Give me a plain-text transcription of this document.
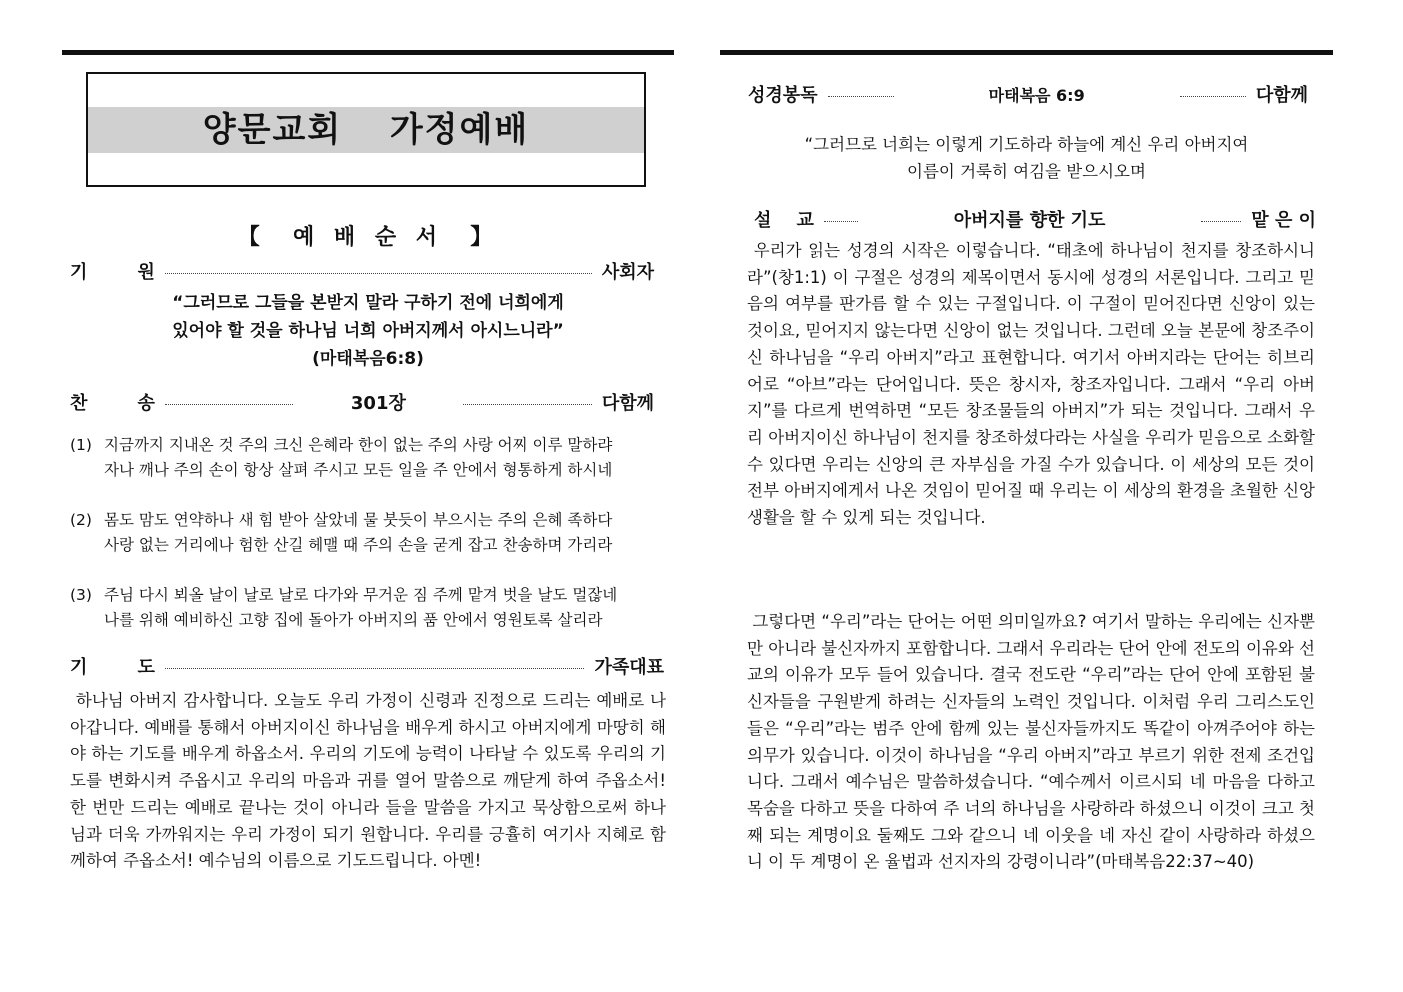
양문교회  가정예배
【  예 배 순 서  】
기        원	사회자

“그러므로 그들을 본받지 말라 구하기 전에 너희에게

있어야 할 것을 하나님 너희 아버지께서 아시느니라”

(마태복음6:8)

찬        송	301장	다함께
(1) 지금까지 지내온 것 주의 크신 은혜라 한이 없는 주의 사랑 어찌 이루 말하랴

자나 깨나 주의 손이 항상 살펴 주시고 모든 일을 주 안에서 형통하게 하시네

(2) 몸도 맘도 연약하나 새 힘 받아 살았네 물 붓듯이 부으시는 주의 은혜 족하다

사랑 없는 거리에나 험한 산길 헤맬 때 주의 손을 굳게 잡고 찬송하며 가리라

(3) 주님 다시 뵈올 날이 날로 날로 다가와 무거운 짐 주께 맡겨 벗을 날도 멀잖네

나를 위해 예비하신 고향 집에 돌아가 아버지의 품 안에서 영원토록 살리라

기        도	가족대표

하나님 아버지 감사합니다. 오늘도 우리 가정이 신령과 진정으로 드리는 예배로 나아갑니다. 예배를 통해서 아버지이신 하나님을 배우게 하시고 아버지에게 마땅히 해야 하는 기도를 배우게 하옵소서. 우리의 기도에 능력이 나타날 수 있도록 우리의 기도를 변화시켜 주옵시고 우리의 마음과 귀를 열어 말씀으로 깨닫게 하여 주옵소서! 한 번만 드리는 예배로 끝나는 것이 아니라 들을 말씀을 가지고 묵상함으로써 하나님과 더욱 가까워지는 우리 가정이 되기 원합니다. 우리를 긍휼히 여기사 지혜로 함께하여 주옵소서! 예수님의 이름으로 기도드립니다. 아멘!

성경봉독	마태복음 6:9	다함께

“그러므로 너희는 이렇게 기도하라 하늘에 계신 우리 아버지여

이름이 거룩히 여김을 받으시오며

설    교	아버지를 향한 기도	맡 은 이

우리가 읽는 성경의 시작은 이렇습니다. “태초에 하나님이 천지를 창조하시니라”(창1:1) 이 구절은 성경의 제목이면서 동시에 성경의 서론입니다. 그리고 믿음의 여부를 판가름 할 수 있는 구절입니다. 이 구절이 믿어진다면 신앙이 있는 것이요, 믿어지지 않는다면 신앙이 없는 것입니다. 그런데 오늘 본문에 창조주이신 하나님을 “우리 아버지”라고 표현합니다. 여기서 아버지라는 단어는 히브리어로 “아브”라는 단어입니다. 뜻은 창시자, 창조자입니다. 그래서 “우리 아버지”를 다르게 번역하면 “모든 창조물들의 아버지”가 되는 것입니다. 그래서 우리 아버지이신 하나님이 천지를 창조하셨다라는 사실을 우리가 믿음으로 소화할 수 있다면 우리는 신앙의 큰 자부심을 가질 수가 있습니다. 이 세상의 모든 것이 전부 아버지에게서 나온 것임이 믿어질 때 우리는 이 세상의 환경을 초월한 신앙생활을 할 수 있게 되는 것입니다.

그렇다면 “우리”라는 단어는 어떤 의미일까요? 여기서 말하는 우리에는 신자뿐만 아니라 불신자까지 포함합니다. 그래서 우리라는 단어 안에 전도의 이유와 선교의 이유가 모두 들어 있습니다. 결국 전도란 “우리”라는 단어 안에 포함된 불신자들을 구원받게 하려는 신자들의 노력인 것입니다. 이처럼 우리 그리스도인들은 “우리”라는 범주 안에 함께 있는 불신자들까지도 똑같이 아껴주어야 하는 의무가 있습니다. 이것이 하나님을 “우리 아버지”라고 부르기 위한 전제 조건입니다. 그래서 예수님은 말씀하셨습니다. “예수께서 이르시되 네 마음을 다하고 목숨을 다하고 뜻을 다하여 주 너의 하나님을 사랑하라 하셨으니 이것이 크고 첫째 되는 계명이요 둘째도 그와 같으니 네 이웃을 네 자신 같이 사랑하라 하셨으니 이 두 계명이 온 율법과 선지자의 강령이니라”(마태복음22:37~40)
